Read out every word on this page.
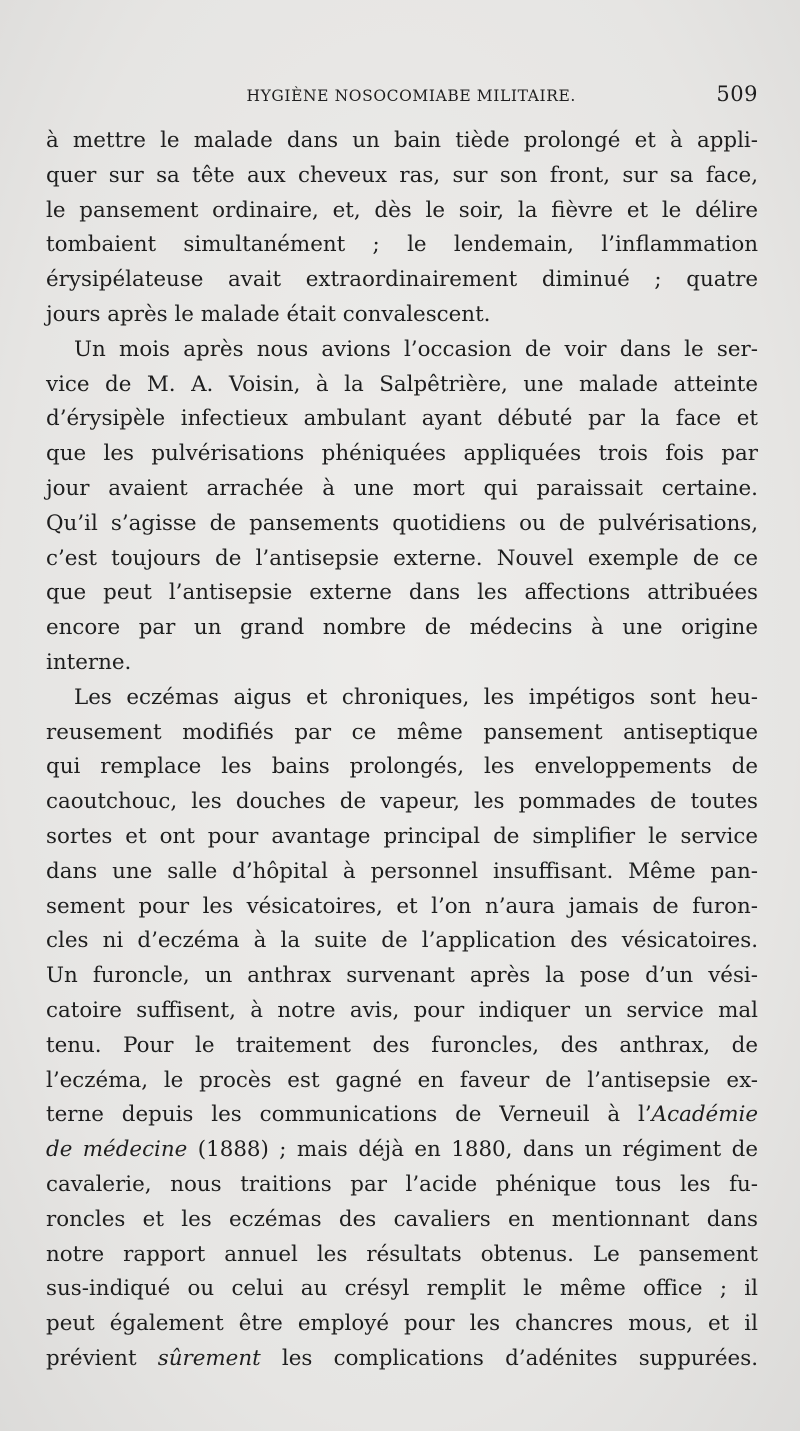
HYGIÈNE NOSOCOMIABE MILITAIRE.	509

à mettre le malade dans un bain tiède prolongé et à appli-
quer sur sa tête aux cheveux ras, sur son front, sur sa face,
le pansement ordinaire, et, dès le soir, la fièvre et le délire
tombaient simultanément ; le lendemain, l’inflammation
érysipélateuse avait extraordinairement diminué ; quatre
jours après le malade était convalescent.

Un mois après nous avions l’occasion de voir dans le ser-
vice de M. A. Voisin, à la Salpêtrière, une malade atteinte
d’érysipèle infectieux ambulant ayant débuté par la face et
que les pulvérisations phéniquées appliquées trois fois par
jour avaient arrachée à une mort qui paraissait certaine.
Qu’il s’agisse de pansements quotidiens ou de pulvérisations,
c’est toujours de l’antisepsie externe. Nouvel exemple de ce
que peut l’antisepsie externe dans les affections attribuées
encore par un grand nombre de médecins à une origine
interne.

Les eczémas aigus et chroniques, les impétigos sont heu-
reusement modifiés par ce même pansement antiseptique
qui remplace les bains prolongés, les enveloppements de
caoutchouc, les douches de vapeur, les pommades de toutes
sortes et ont pour avantage principal de simplifier le service
dans une salle d’hôpital à personnel insuffisant. Même pan-
sement pour les vésicatoires, et l’on n’aura jamais de furon-
cles ni d’eczéma à la suite de l’application des vésicatoires.
Un furoncle, un anthrax survenant après la pose d’un vési-
catoire suffisent, à notre avis, pour indiquer un service mal
tenu. Pour le traitement des furoncles, des anthrax, de
l’eczéma, le procès est gagné en faveur de l’antisepsie ex-
terne depuis les communications de Verneuil à l’Académie
de médecine (1888) ; mais déjà en 1880, dans un régiment de
cavalerie, nous traitions par l’acide phénique tous les fu-
roncles et les eczémas des cavaliers en mentionnant dans
notre rapport annuel les résultats obtenus. Le pansement
sus-indiqué ou celui au crésyl remplit le même office ; il
peut également être employé pour les chancres mous, et il
prévient sûrement les complications d’adénites suppurées.
